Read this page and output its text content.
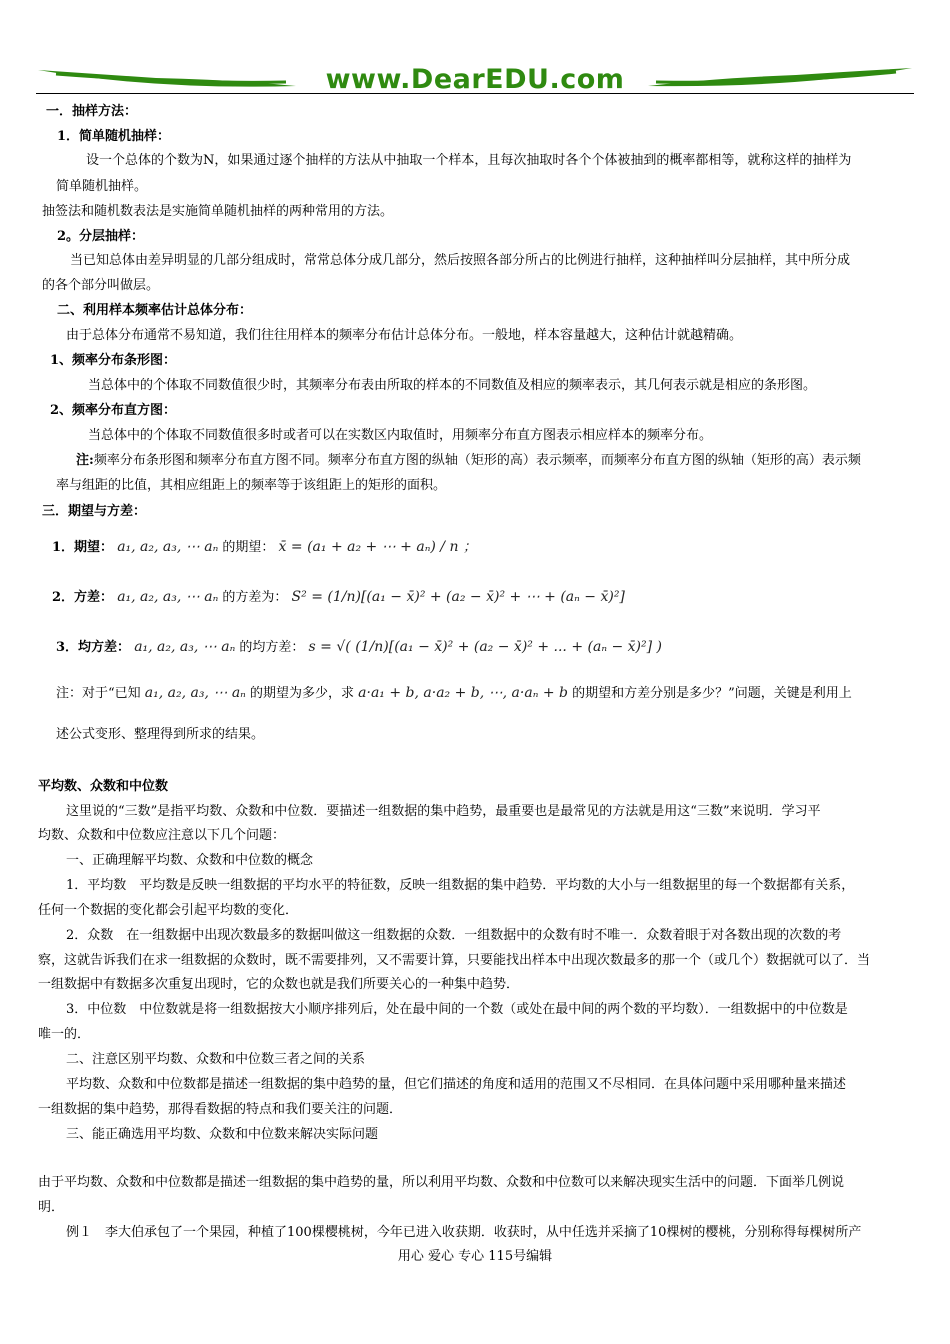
www.DearEDU.com
一．抽样方法：
1．简单随机抽样：
设一个总体的个数为N，如果通过逐个抽样的方法从中抽取一个样本，且每次抽取时各个个体被抽到的概率都相等，就称这样的抽样为
简单随机抽样。
抽签法和随机数表法是实施简单随机抽样的两种常用的方法。
2。分层抽样：
当已知总体由差异明显的几部分组成时，常常总体分成几部分，然后按照各部分所占的比例进行抽样，这种抽样叫分层抽样，其中所分成
的各个部分叫做层。
二、利用样本频率估计总体分布：
由于总体分布通常不易知道，我们往往用样本的频率分布估计总体分布。一般地，样本容量越大，这种估计就越精确。
1、频率分布条形图：
当总体中的个体取不同数值很少时，其频率分布表由所取的样本的不同数值及相应的频率表示，其几何表示就是相应的条形图。
2、频率分布直方图：
当总体中的个体取不同数值很多时或者可以在实数区内取值时，用频率分布直方图表示相应样本的频率分布。
注:频率分布条形图和频率分布直方图不同。频率分布直方图的纵轴（矩形的高）表示频率，而频率分布直方图的纵轴（矩形的高）表示频
率与组距的比值，其相应组距上的频率等于该组距上的矩形的面积。
三．期望与方差：
1．期望： a₁, a₂, a₃, ⋯ aₙ 的期望： x̄ = (a₁ + a₂ + ⋯ + aₙ) / n ；
2．方差： a₁, a₂, a₃, ⋯ aₙ 的方差为： S² = (1/n)[(a₁ − x̄)² + (a₂ − x̄)² + ⋯ + (aₙ − x̄)²]
3．均方差： a₁, a₂, a₃, ⋯ aₙ 的均方差： s = √( (1/n)[(a₁ − x̄)² + (a₂ − x̄)² + ... + (aₙ − x̄)²] )
注：对于“已知 a₁, a₂, a₃, ⋯ aₙ 的期望为多少，求 a·a₁ + b, a·a₂ + b, ⋯, a·aₙ + b 的期望和方差分别是多少？”问题，关键是利用上
述公式变形、整理得到所求的结果。
平均数、众数和中位数
这里说的“三数”是指平均数、众数和中位数．要描述一组数据的集中趋势，最重要也是最常见的方法就是用这“三数”来说明．学习平
均数、众数和中位数应注意以下几个问题：
一、正确理解平均数、众数和中位数的概念
1．平均数　平均数是反映一组数据的平均水平的特征数，反映一组数据的集中趋势．平均数的大小与一组数据里的每一个数据都有关系，
任何一个数据的变化都会引起平均数的变化．
2．众数　在一组数据中出现次数最多的数据叫做这一组数据的众数．一组数据中的众数有时不唯一．众数着眼于对各数出现的次数的考
察，这就告诉我们在求一组数据的众数时，既不需要排列，又不需要计算，只要能找出样本中出现次数最多的那一个（或几个）数据就可以了．当
一组数据中有数据多次重复出现时，它的众数也就是我们所要关心的一种集中趋势．
3．中位数　中位数就是将一组数据按大小顺序排列后，处在最中间的一个数（或处在最中间的两个数的平均数）．一组数据中的中位数是
唯一的．
二、注意区别平均数、众数和中位数三者之间的关系
平均数、众数和中位数都是描述一组数据的集中趋势的量，但它们描述的角度和适用的范围又不尽相同．在具体问题中采用哪种量来描述
一组数据的集中趋势，那得看数据的特点和我们要关注的问题．
三、能正确选用平均数、众数和中位数来解决实际问题
由于平均数、众数和中位数都是描述一组数据的集中趋势的量，所以利用平均数、众数和中位数可以来解决现实生活中的问题．下面举几例说
明．
例１　李大伯承包了一个果园，种植了100棵樱桃树，今年已进入收获期．收获时，从中任选并采摘了10棵树的樱桃，分别称得每棵树所产
用心 爱心 专心 115号编辑
